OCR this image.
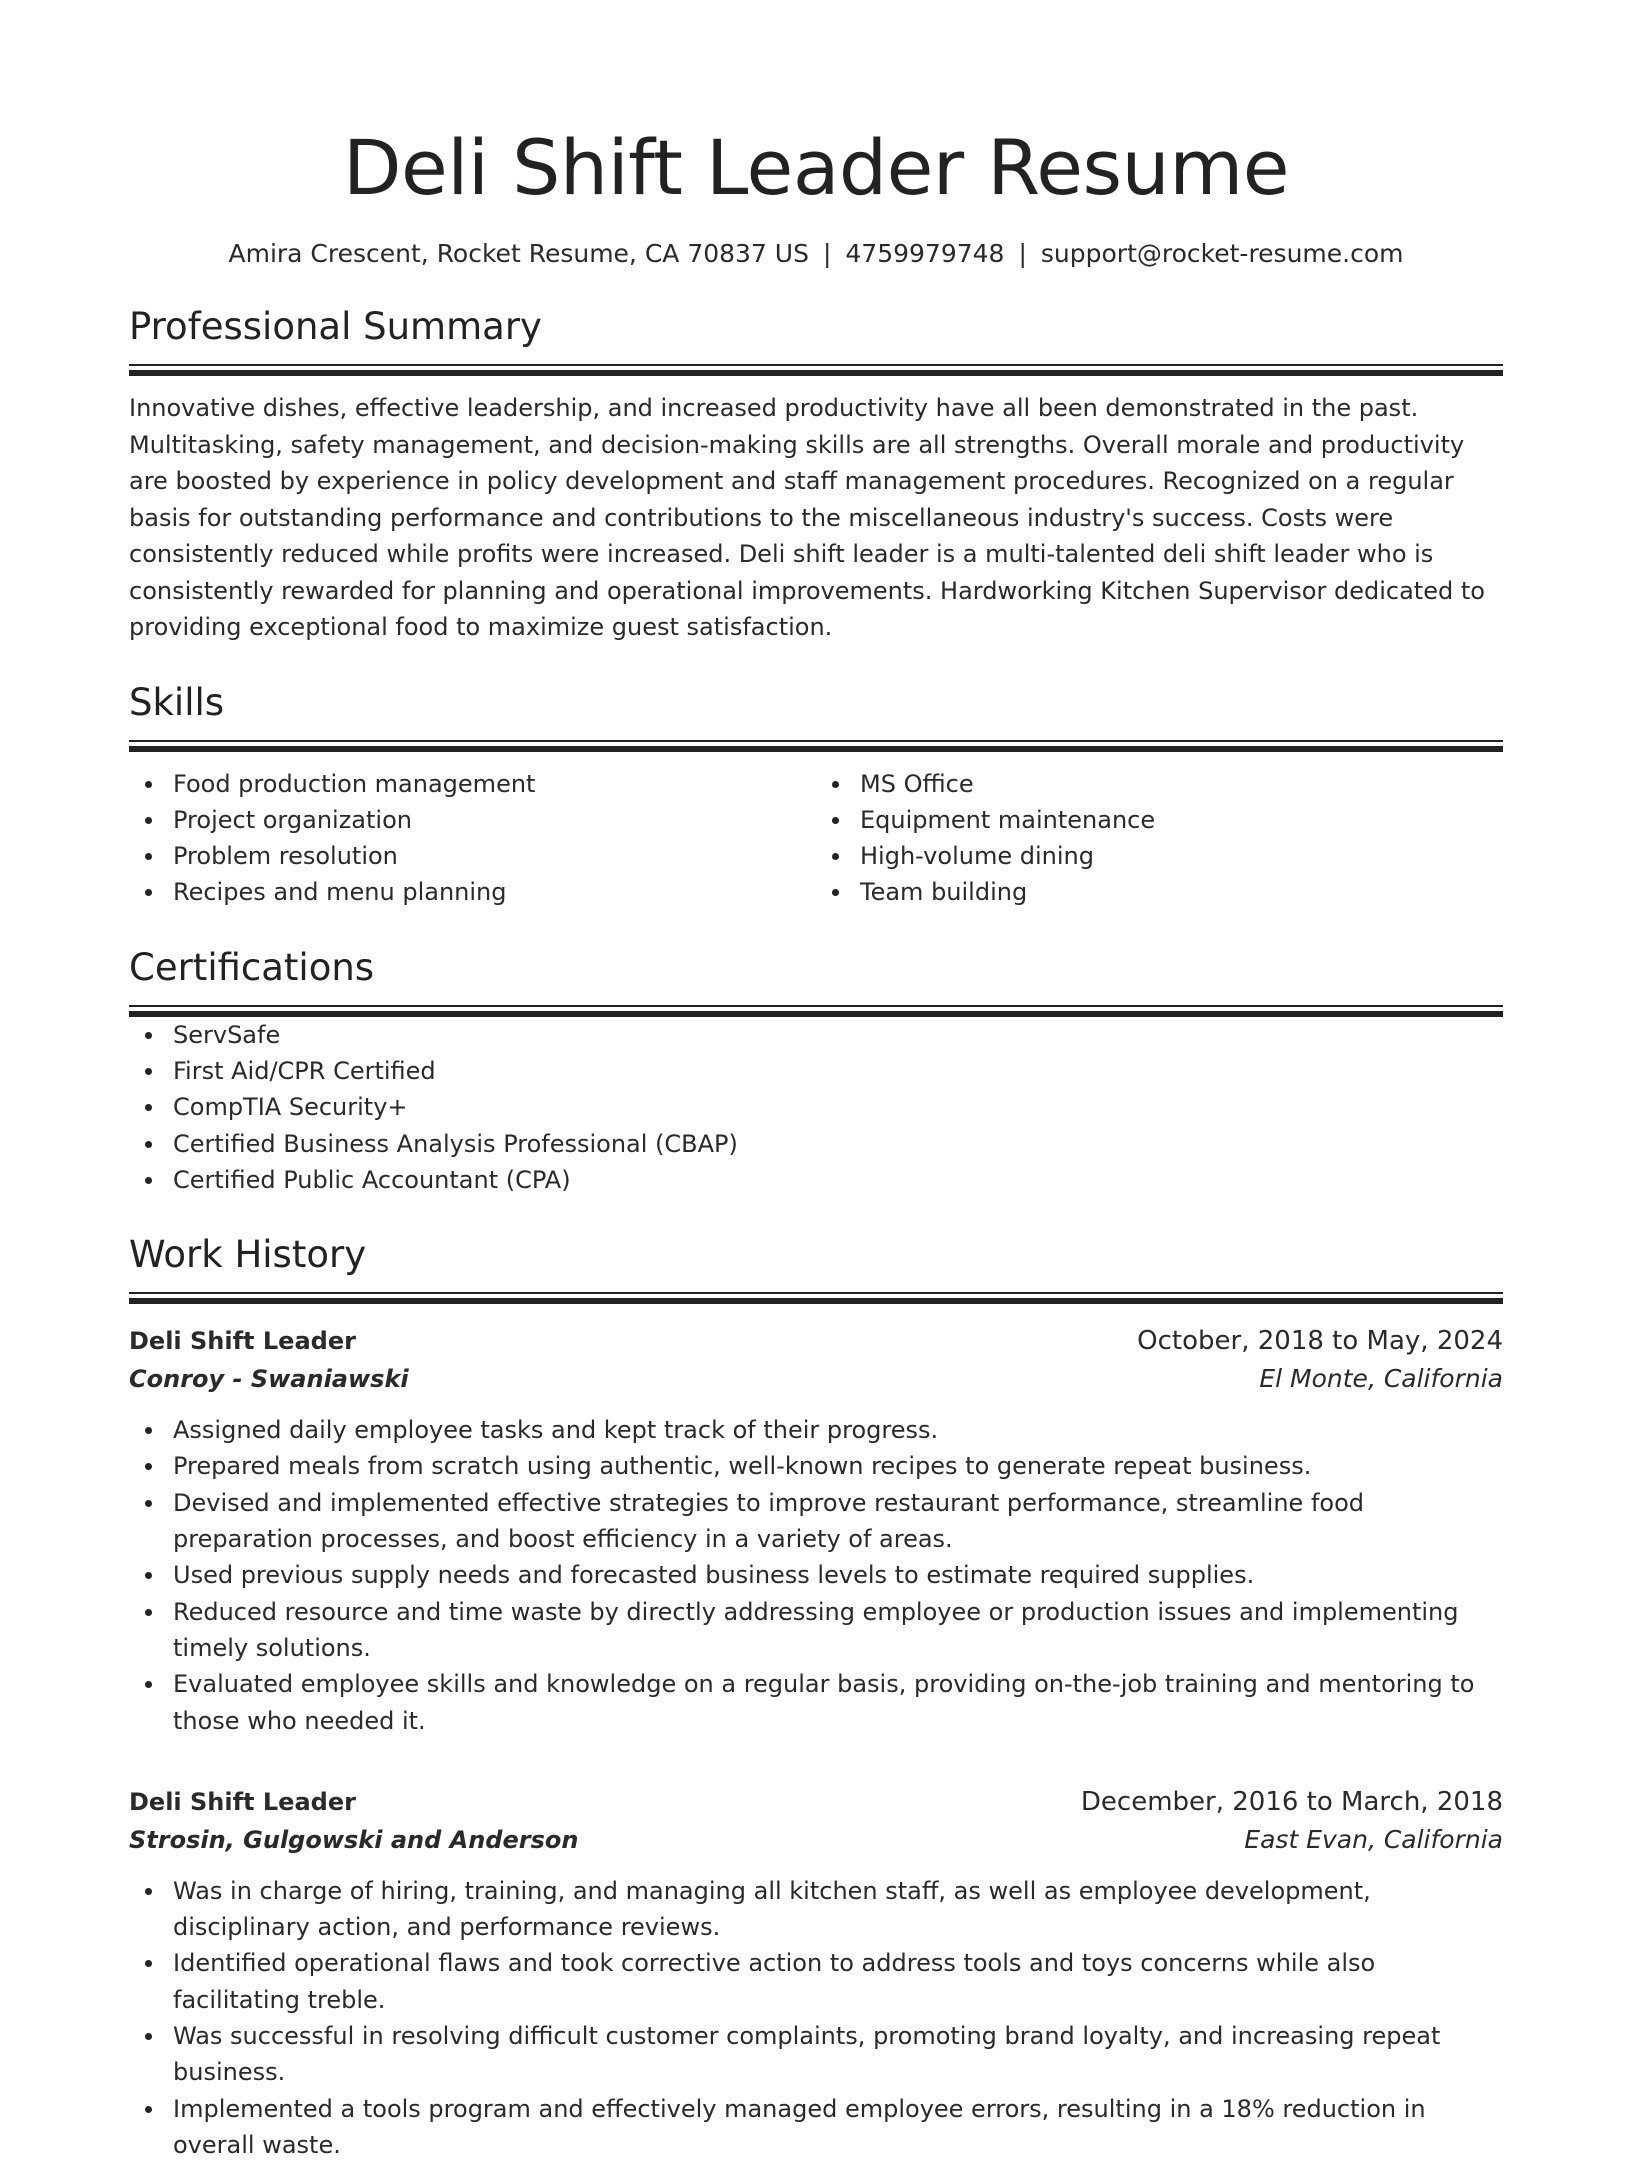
Deli Shift Leader Resume
Amira Crescent, Rocket Resume, CA 70837 US | 4759979748 | support@rocket-resume.com
Professional Summary
Innovative dishes, effective leadership, and increased productivity have all been demonstrated in the past. Multitasking, safety management, and decision-making skills are all strengths. Overall morale and productivity are boosted by experience in policy development and staff management procedures. Recognized on a regular basis for outstanding performance and contributions to the miscellaneous industry's success. Costs were consistently reduced while profits were increased. Deli shift leader is a multi-talented deli shift leader who is consistently rewarded for planning and operational improvements. Hardworking Kitchen Supervisor dedicated to providing exceptional food to maximize guest satisfaction.
Skills
Food production management
Project organization
Problem resolution
Recipes and menu planning
MS Office
Equipment maintenance
High-volume dining
Team building
Certifications
ServSafe
First Aid/CPR Certified
CompTIA Security+
Certified Business Analysis Professional (CBAP)
Certified Public Accountant (CPA)
Work History
Deli Shift Leader	October, 2018 to May, 2024
Conroy - Swaniawski	El Monte, California
Assigned daily employee tasks and kept track of their progress.
Prepared meals from scratch using authentic, well-known recipes to generate repeat business.
Devised and implemented effective strategies to improve restaurant performance, streamline food preparation processes, and boost efficiency in a variety of areas.
Used previous supply needs and forecasted business levels to estimate required supplies.
Reduced resource and time waste by directly addressing employee or production issues and implementing timely solutions.
Evaluated employee skills and knowledge on a regular basis, providing on-the-job training and mentoring to those who needed it.
Deli Shift Leader	December, 2016 to March, 2018
Strosin, Gulgowski and Anderson	East Evan, California
Was in charge of hiring, training, and managing all kitchen staff, as well as employee development, disciplinary action, and performance reviews.
Identified operational flaws and took corrective action to address tools and toys concerns while also facilitating treble.
Was successful in resolving difficult customer complaints, promoting brand loyalty, and increasing repeat business.
Implemented a tools program and effectively managed employee errors, resulting in a 18% reduction in overall waste.
